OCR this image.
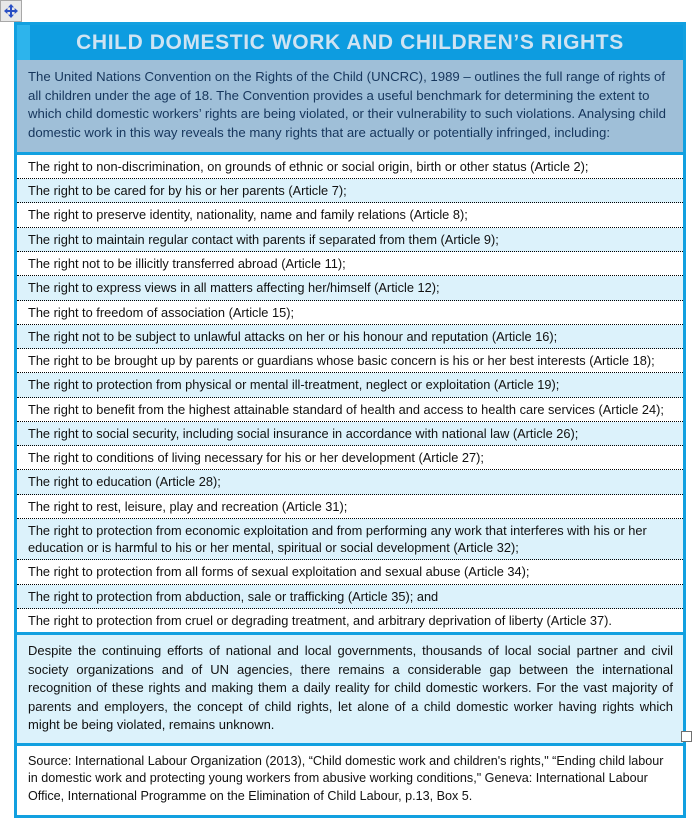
CHILD DOMESTIC WORK AND CHILDREN’S RIGHTS
The United Nations Convention on the Rights of the Child (UNCRC), 1989 – outlines the full range of rights of all children under the age of 18. The Convention provides a useful benchmark for determining the extent to which child domestic workers’ rights are being violated, or their vulnerability to such violations. Analysing child domestic work in this way reveals the many rights that are actually or potentially infringed, including:
The right to non-discrimination, on grounds of ethnic or social origin, birth or other status (Article 2);
The right to be cared for by his or her parents (Article 7);
The right to preserve identity, nationality, name and family relations (Article 8);
The right to maintain regular contact with parents if separated from them (Article 9);
The right not to be illicitly transferred abroad (Article 11);
The right to express views in all matters affecting her/himself (Article 12);
The right to freedom of association (Article 15);
The right not to be subject to unlawful attacks on her or his honour and reputation (Article 16);
The right to be brought up by parents or guardians whose basic concern is his or her best interests (Article 18);
The right to protection from physical or mental ill-treatment, neglect or exploitation (Article 19);
The right to benefit from the highest attainable standard of health and access to health care services (Article 24);
The right to social security, including social insurance in accordance with national law (Article 26);
The right to conditions of living necessary for his or her development (Article 27);
The right to education (Article 28);
The right to rest, leisure, play and recreation (Article 31);
The right to protection from economic exploitation and from performing any work that interferes with his or her education or is harmful to his or her mental, spiritual or social development (Article 32);
The right to protection from all forms of sexual exploitation and sexual abuse (Article 34);
The right to protection from abduction, sale or trafficking (Article 35); and
The right to protection from cruel or degrading treatment, and arbitrary deprivation of liberty (Article 37).
Despite the continuing efforts of national and local governments, thousands of local social partner and civil society organizations and of UN agencies, there remains a considerable gap between the international recognition of these rights and making them a daily reality for child domestic workers. For the vast majority of parents and employers, the concept of child rights, let alone of a child domestic worker having rights which might be being violated, remains unknown.
Source: International Labour Organization (2013), “Child domestic work and children's rights," “Ending child labour in domestic work and protecting young workers from abusive working conditions," Geneva: International Labour Office, International Programme on the Elimination of Child Labour, p.13, Box 5.
